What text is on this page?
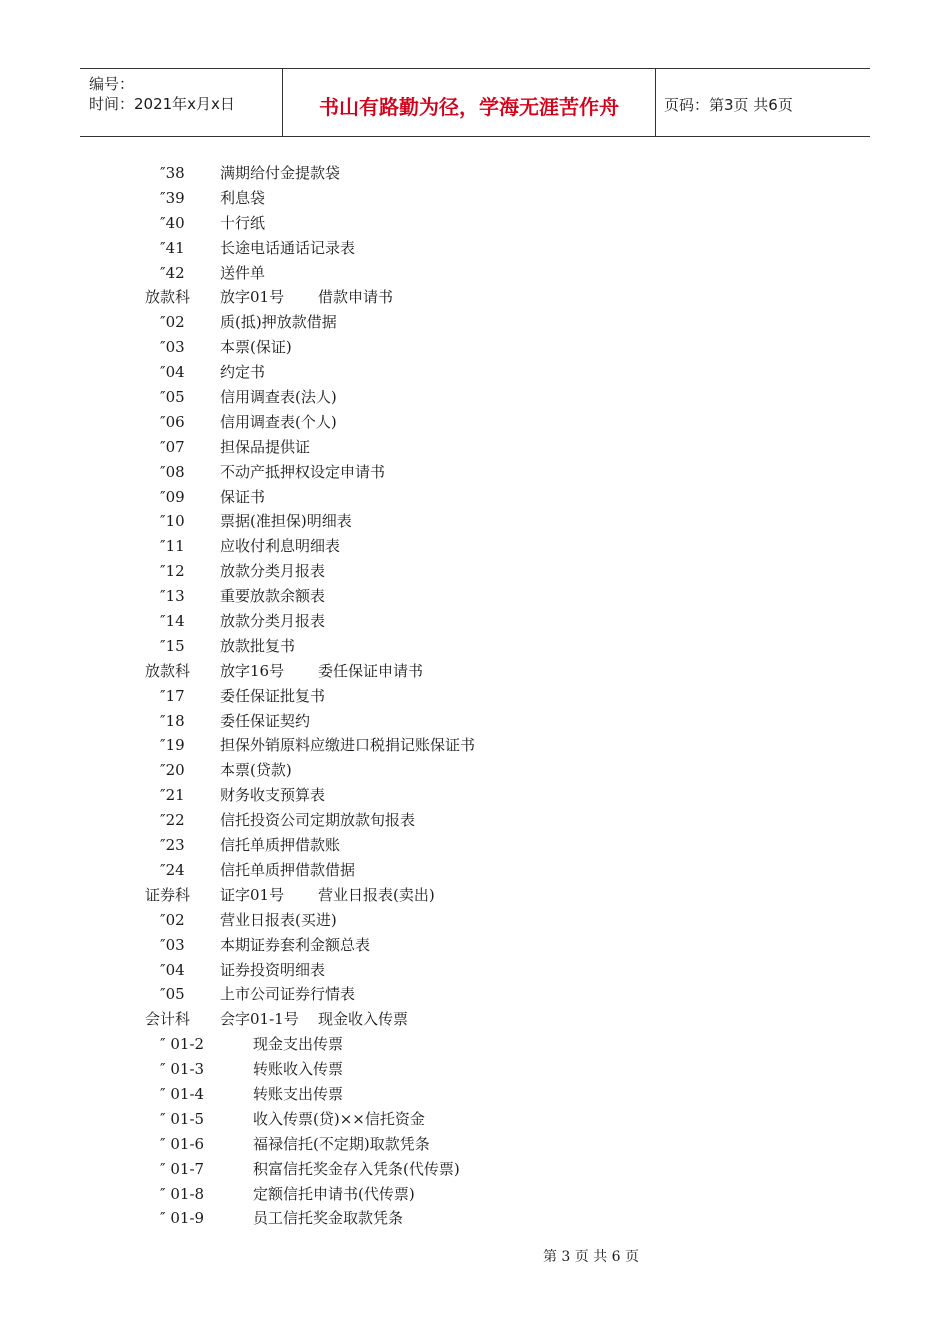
编号：
时间：2021年x月x日	书山有路勤为径，学海无涯苦作舟	页码：第3页 共6页
″38 满期给付金提款袋
″39 利息袋
″40 十行纸
″41 长途电话通话记录表
″42 送件单
放款科 放字01号 借款申请书
″02 质(抵)押放款借据
″03 本票(保证)
″04 约定书
″05 信用调查表(法人)
″06 信用调查表(个人)
″07 担保品提供证
″08 不动产抵押权设定申请书
″09 保证书
″10 票据(准担保)明细表
″11 应收付利息明细表
″12 放款分类月报表
″13 重要放款余额表
″14 放款分类月报表
″15 放款批复书
放款科 放字16号 委任保证申请书
″17 委任保证批复书
″18 委任保证契约
″19 担保外销原料应缴进口税捐记账保证书
″20 本票(贷款)
″21 财务收支预算表
″22 信托投资公司定期放款旬报表
″23 信托单质押借款账
″24 信托单质押借款借据
证券科 证字01号 营业日报表(卖出)
″02 营业日报表(买进)
″03 本期证券套利金额总表
″04 证券投资明细表
″05 上市公司证券行情表
会计科 会字01-1号 现金收入传票
″ 01-2	现金支出传票
″ 01-3	转账收入传票
″ 01-4	转账支出传票
″ 01-5	收入传票(贷)××信托资金
″ 01-6	福禄信托(不定期)取款凭条
″ 01-7	积富信托奖金存入凭条(代传票)
″ 01-8	定额信托申请书(代传票)
″ 01-9	员工信托奖金取款凭条
第 3 页 共 6 页
